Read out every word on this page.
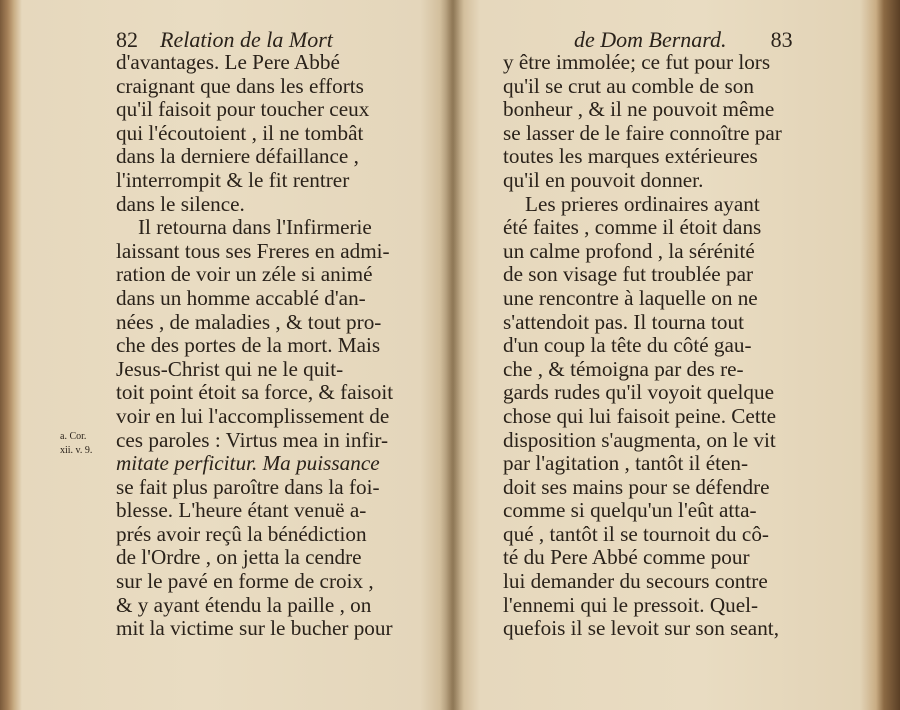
82 Relation de la Mort
a. Cor.
xii. v. 9.
d'avantages. Le Pere Abbé
craignant que dans les efforts
qu'il faisoit pour toucher ceux
qui l'écoutoient , il ne tombât
dans la derniere défaillance ,
l'interrompit & le fit rentrer
dans le silence.
Il retourna dans l'Infirmerie
laissant tous ses Freres en admi-
ration de voir un zéle si animé
dans un homme accablé d'an-
nées , de maladies , & tout pro-
che des portes de la mort. Mais
Jesus-Christ qui ne le quit-
toit point étoit sa force, & faisoit
voir en lui l'accomplissement de
ces paroles : Virtus mea in infir-
mitate perficitur. Ma puissance
se fait plus paroître dans la foi-
blesse. L'heure étant venuë a-
prés avoir reçû la bénédiction
de l'Ordre , on jetta la cendre
sur le pavé en forme de croix ,
& y ayant étendu la paille , on
mit la victime sur le bucher pour
de Dom Bernard. 83
y être immolée; ce fut pour lors
qu'il se crut au comble de son
bonheur , & il ne pouvoit même
se lasser de le faire connoître par
toutes les marques extérieures
qu'il en pouvoit donner.
Les prieres ordinaires ayant
été faites , comme il étoit dans
un calme profond , la sérénité
de son visage fut troublée par
une rencontre à laquelle on ne
s'attendoit pas. Il tourna tout
d'un coup la tête du côté gau-
che , & témoigna par des re-
gards rudes qu'il voyoit quelque
chose qui lui faisoit peine. Cette
disposition s'augmenta, on le vit
par l'agitation , tantôt il éten-
doit ses mains pour se défendre
comme si quelqu'un l'eût atta-
qué , tantôt il se tournoit du cô-
té du Pere Abbé comme pour
lui demander du secours contre
l'ennemi qui le pressoit. Quel-
quefois il se levoit sur son seant,
